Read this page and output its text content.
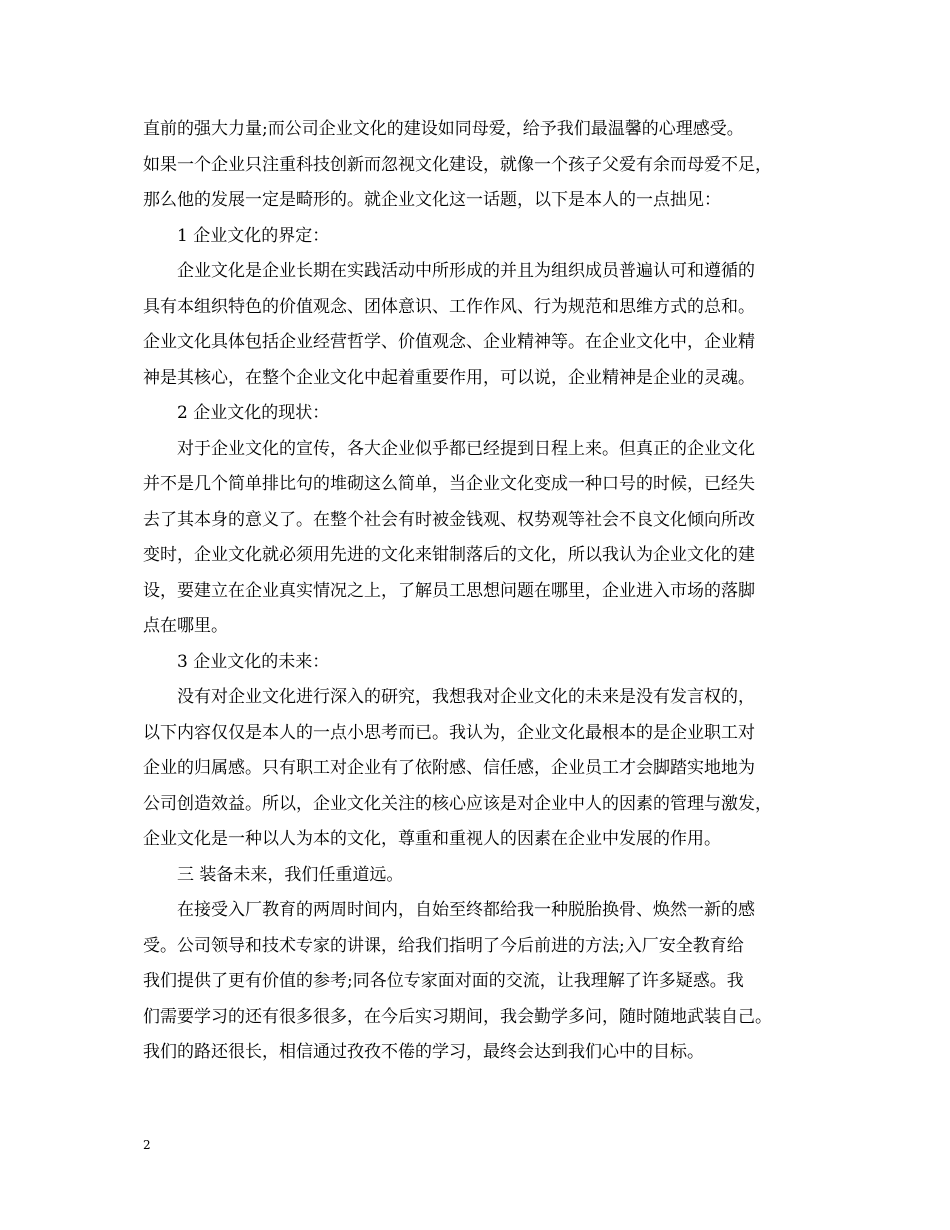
直前的强大力量;而公司企业文化的建设如同母爱，给予我们最温馨的心理感受。
如果一个企业只注重科技创新而忽视文化建设，就像一个孩子父爱有余而母爱不足，
那么他的发展一定是畸形的。就企业文化这一话题，以下是本人的一点拙见：
1 企业文化的界定：
企业文化是企业长期在实践活动中所形成的并且为组织成员普遍认可和遵循的
具有本组织特色的价值观念、团体意识、工作作风、行为规范和思维方式的总和。
企业文化具体包括企业经营哲学、价值观念、企业精神等。在企业文化中，企业精
神是其核心，在整个企业文化中起着重要作用，可以说，企业精神是企业的灵魂。
2 企业文化的现状：
对于企业文化的宣传，各大企业似乎都已经提到日程上来。但真正的企业文化
并不是几个简单排比句的堆砌这么简单，当企业文化变成一种口号的时候，已经失
去了其本身的意义了。在整个社会有时被金钱观、权势观等社会不良文化倾向所改
变时，企业文化就必须用先进的文化来钳制落后的文化，所以我认为企业文化的建
设，要建立在企业真实情况之上，了解员工思想问题在哪里，企业进入市场的落脚
点在哪里。
3 企业文化的未来：
没有对企业文化进行深入的研究，我想我对企业文化的未来是没有发言权的，
以下内容仅仅是本人的一点小思考而已。我认为，企业文化最根本的是企业职工对
企业的归属感。只有职工对企业有了依附感、信任感，企业员工才会脚踏实地地为
公司创造效益。所以，企业文化关注的核心应该是对企业中人的因素的管理与激发，
企业文化是一种以人为本的文化，尊重和重视人的因素在企业中发展的作用。
三 装备未来，我们任重道远。
在接受入厂教育的两周时间内，自始至终都给我一种脱胎换骨、焕然一新的感
受。公司领导和技术专家的讲课，给我们指明了今后前进的方法;入厂安全教育给
我们提供了更有价值的参考;同各位专家面对面的交流，让我理解了许多疑惑。我
们需要学习的还有很多很多，在今后实习期间，我会勤学多问，随时随地武装自己。
我们的路还很长，相信通过孜孜不倦的学习，最终会达到我们心中的目标。
2
